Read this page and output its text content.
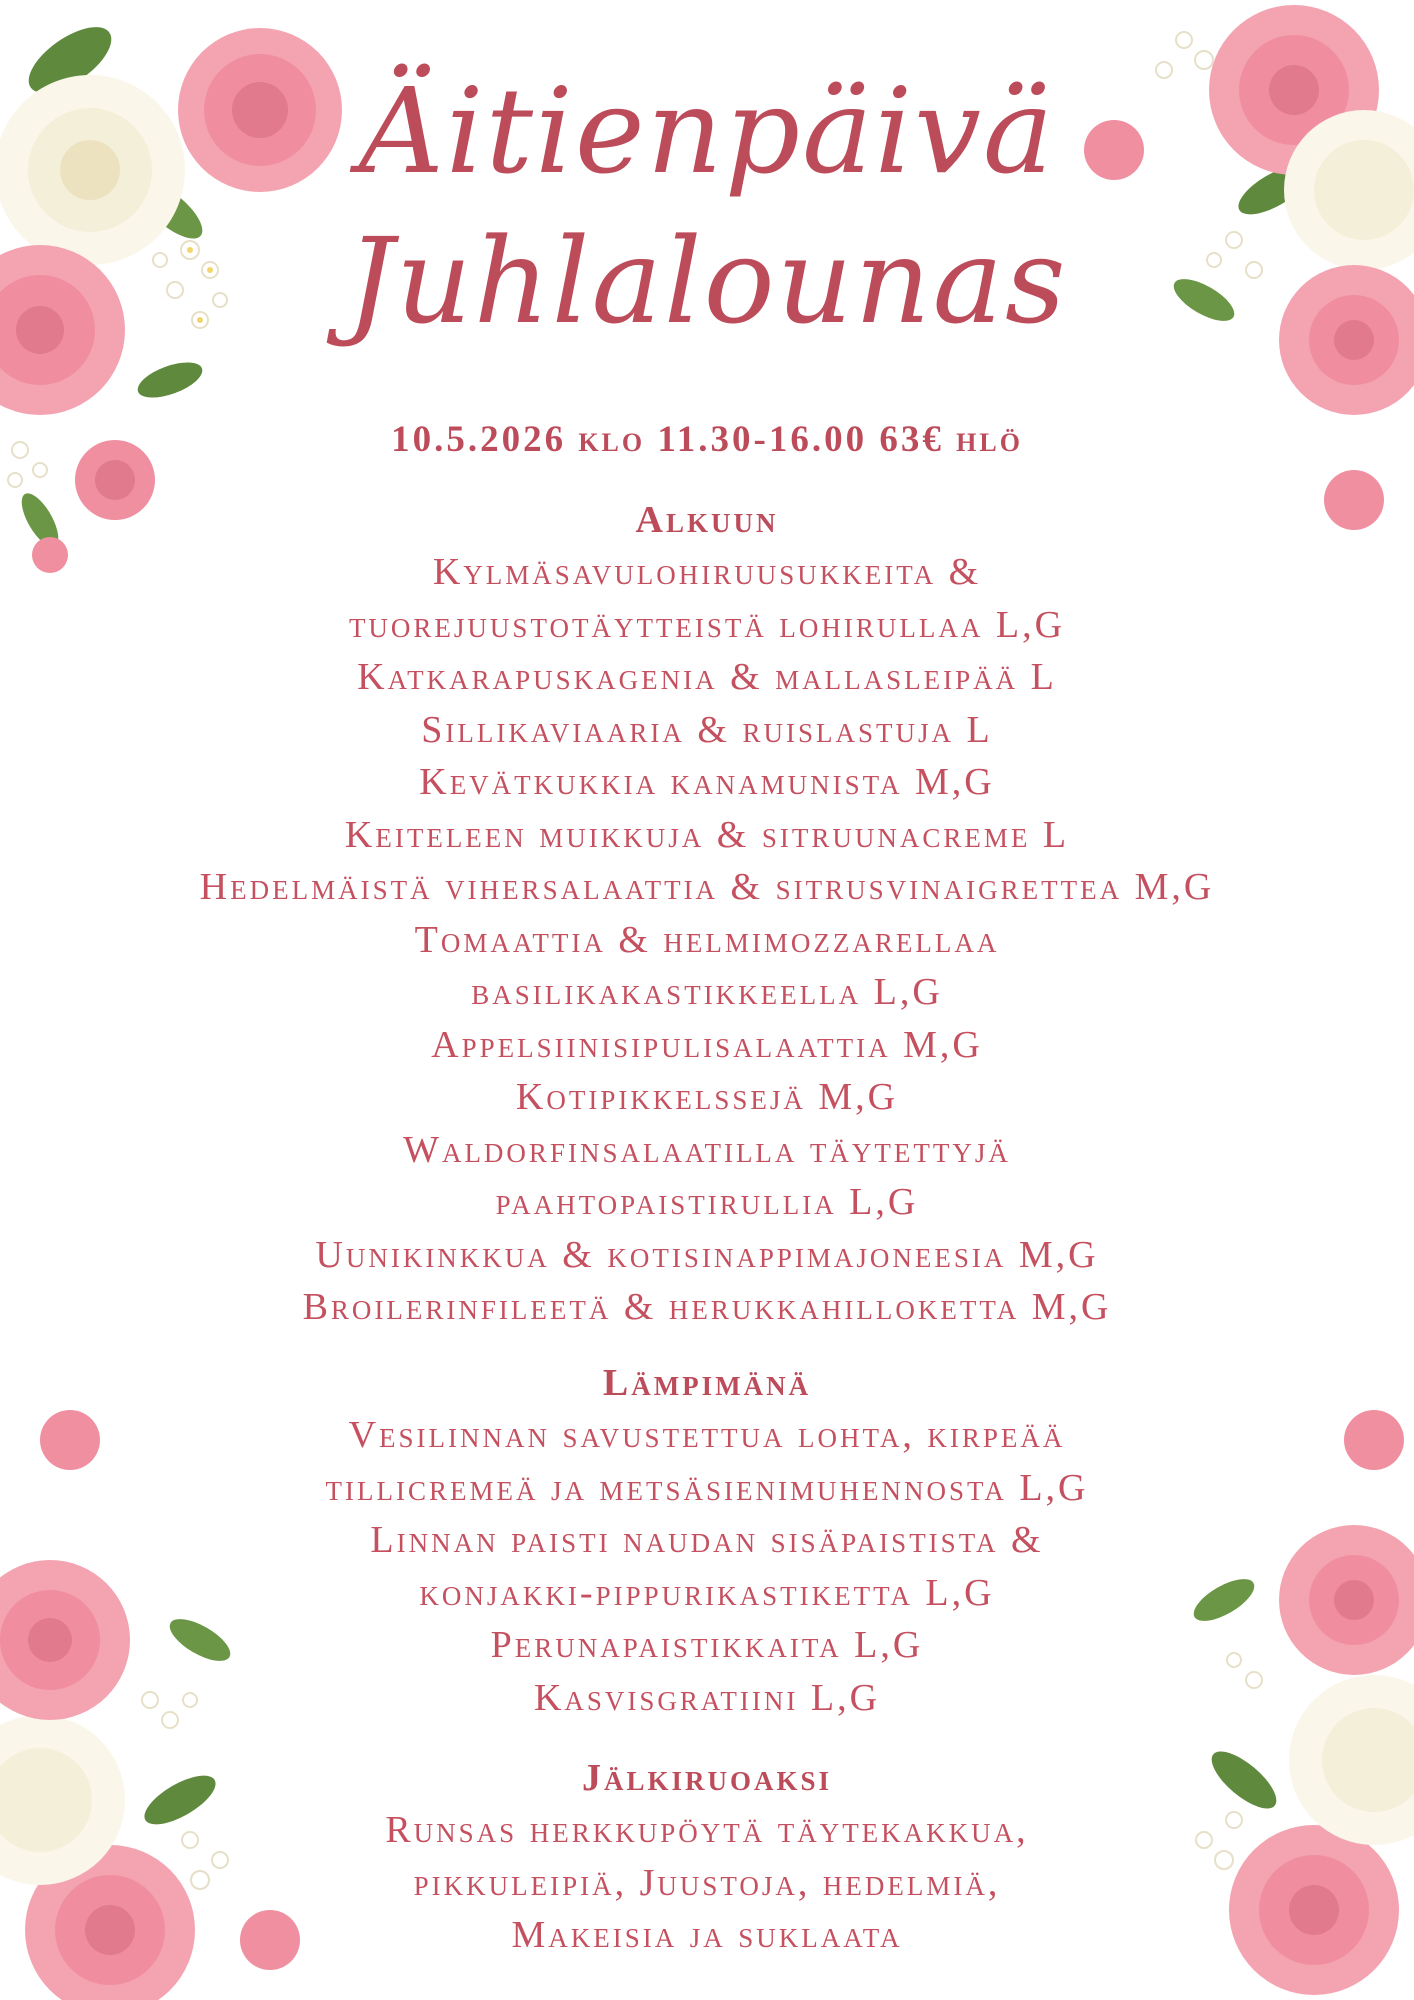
Äitienpäivä
Juhlalounas
10.5.2026 klo 11.30-16.00 63€ hlö

Alkuun

Kylmäsavulohiruusukkeita &

tuorejuustotäytteistä lohirullaa L,G

Katkarapuskagenia & mallasleipää L

Sillikaviaaria & ruislastuja L

Kevätkukkia kanamunista M,G

Keiteleen muikkuja & sitruunacreme L

Hedelmäistä vihersalaattia & sitrusvinaigrettea M,G

Tomaattia & helmimozzarellaa

basilikakastikkeella L,G

Appelsiinisipulisalaattia M,G

Kotipikkelssejä M,G

Waldorfinsalaatilla täytettyjä

paahtopaistirullia L,G

Uunikinkkua & kotisinappimajoneesia M,G

Broilerinfileetä & herukkahilloketta M,G

Lämpimänä

Vesilinnan savustettua lohta, kirpeää

tillicremeä ja metsäsienimuhennosta L,G

Linnan paisti naudan sisäpaistista &

konjakki-pippurikastiketta L,G

Perunapaistikkaita L,G

Kasvisgratiini L,G

Jälkiruoaksi

Runsas herkkupöytä täytekakkua,

pikkuleipiä, Juustoja, hedelmiä,

Makeisia ja suklaata
